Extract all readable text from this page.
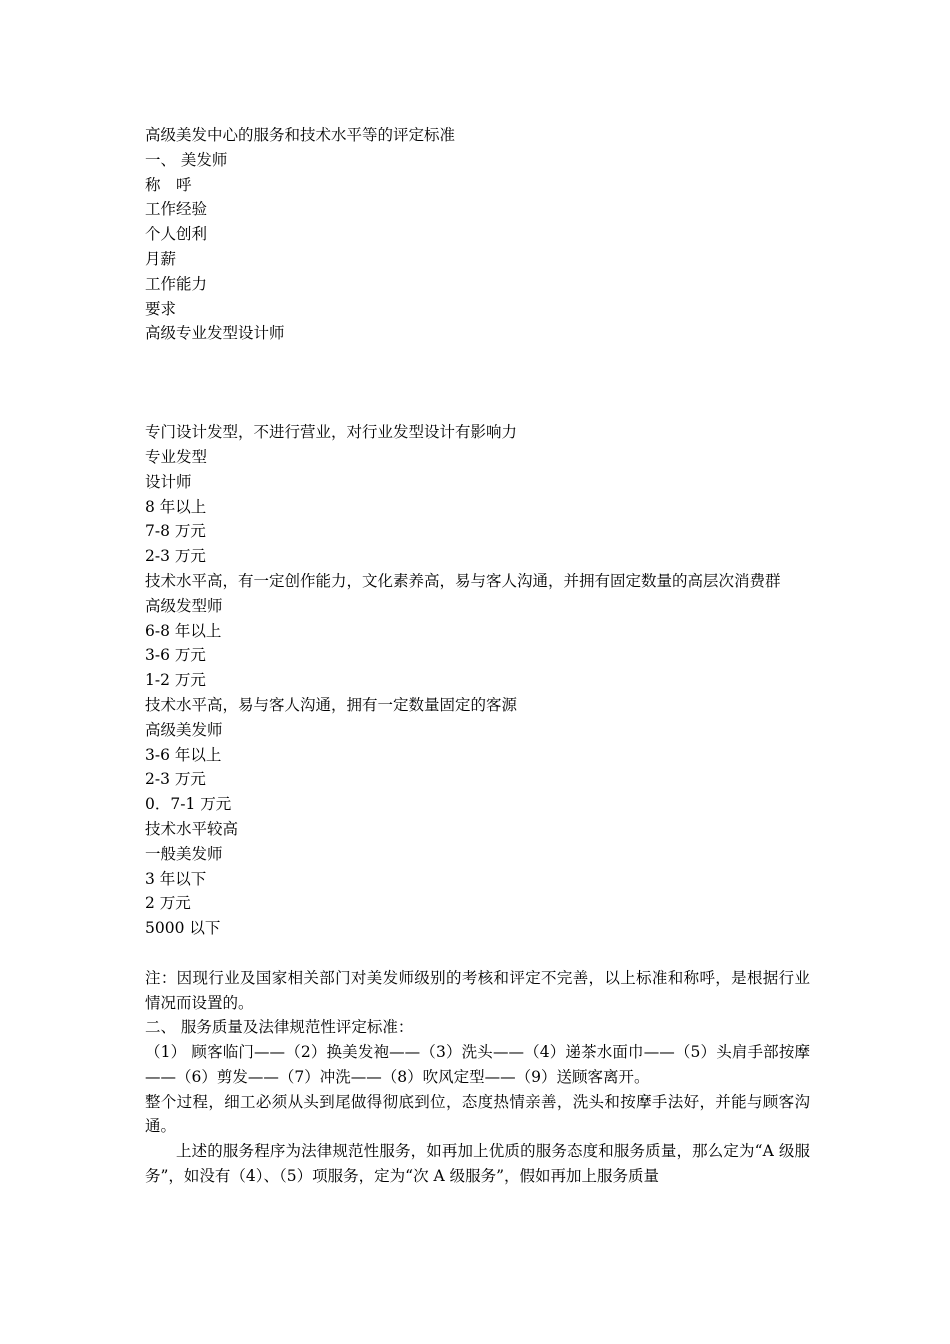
高级美发中心的服务和技术水平等的评定标准
一、 美发师
称　呼
工作经验
个人创利
月薪
工作能力
要求
高级专业发型设计师
专门设计发型，不进行营业，对行业发型设计有影响力
专业发型
设计师
8 年以上
7-8 万元
2-3 万元
技术水平高，有一定创作能力，文化素养高，易与客人沟通，并拥有固定数量的高层次消费群
高级发型师
6-8 年以上
3-6 万元
1-2 万元
技术水平高，易与客人沟通，拥有一定数量固定的客源
高级美发师
3-6 年以上
2-3 万元
0．7-1 万元
技术水平较高
一般美发师
3 年以下
2 万元
5000 以下
注：因现行业及国家相关部门对美发师级别的考核和评定不完善，以上标准和称呼，是根据行业情况而设置的。
二、 服务质量及法律规范性评定标准：
（1） 顾客临门——（2）换美发袍——（3）洗头——（4）递茶水面巾——（5）头肩手部按摩——（6）剪发——（7）冲洗——（8）吹风定型——（9）送顾客离开。
整个过程，细工必须从头到尾做得彻底到位，态度热情亲善，洗头和按摩手法好，并能与顾客沟通。
上述的服务程序为法律规范性服务，如再加上优质的服务态度和服务质量，那么定为“A 级服务”，如没有（4）、（5）项服务，定为“次 A 级服务”，假如再加上服务质量
